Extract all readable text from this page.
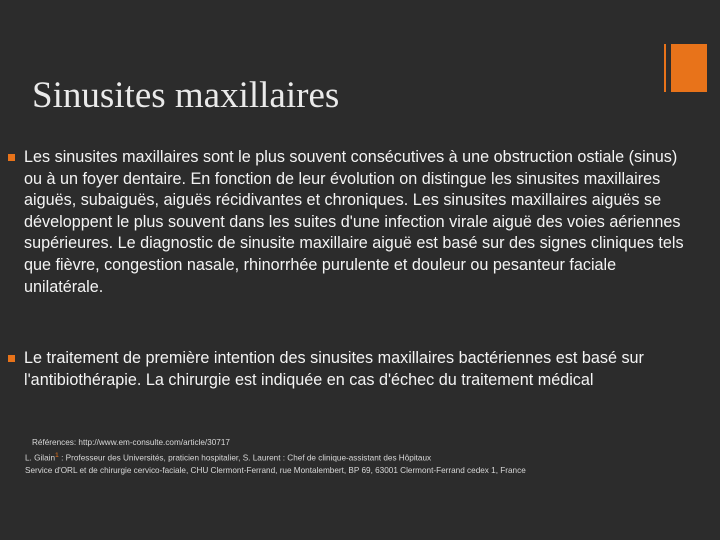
Sinusites maxillaires
Les sinusites maxillaires sont le plus souvent consécutives à une obstruction ostiale (sinus) ou à un foyer dentaire. En fonction de leur évolution on distingue les sinusites maxillaires aiguës, subaiguës, aiguës récidivantes et chroniques. Les sinusites maxillaires aiguës se développent le plus souvent dans les suites d'une infection virale aiguë des voies aériennes supérieures. Le diagnostic de sinusite maxillaire aiguë est basé sur des signes cliniques tels que fièvre, congestion nasale, rhinorrhée purulente et douleur ou pesanteur faciale unilatérale.
Le traitement de première intention des sinusites maxillaires bactériennes est basé sur l'antibiothérapie. La chirurgie est indiquée en cas d'échec du traitement médical
Références: http://www.em-consulte.com/article/30717
L. Gilain$^1$ : Professeur des Universités, praticien hospitalier, S. Laurent : Chef de clinique-assistant des Hôpitaux
Service d'ORL et de chirurgie cervico-faciale, CHU Clermont-Ferrand, rue Montalembert, BP 69, 63001 Clermont-Ferrand cedex 1, France
